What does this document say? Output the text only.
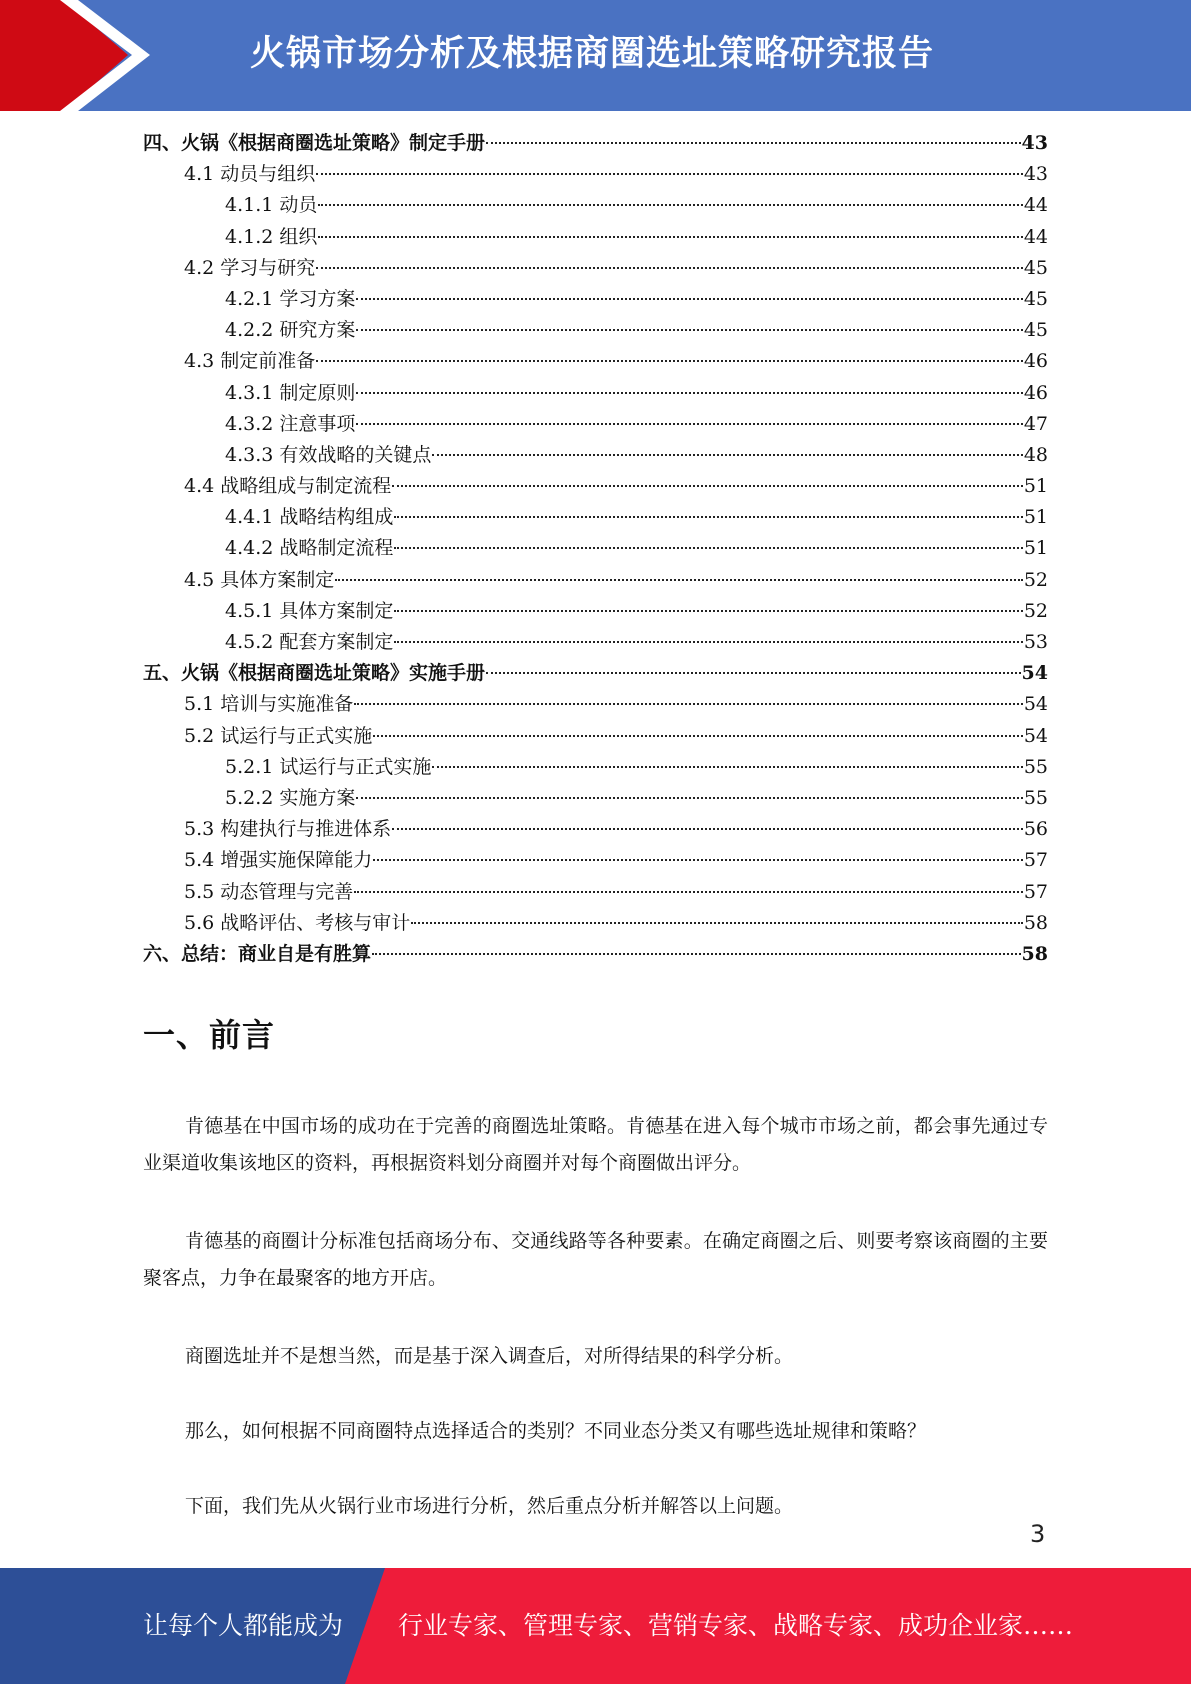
火锅市场分析及根据商圈选址策略研究报告
四、火锅《根据商圈选址策略》制定手册	43
4.1 动员与组织	43
4.1.1 动员	44
4.1.2 组织	44
4.2 学习与研究	45
4.2.1 学习方案	45
4.2.2 研究方案	45
4.3 制定前准备	46
4.3.1 制定原则	46
4.3.2 注意事项	47
4.3.3 有效战略的关键点	48
4.4 战略组成与制定流程	51
4.4.1 战略结构组成	51
4.4.2 战略制定流程	51
4.5 具体方案制定	52
4.5.1 具体方案制定	52
4.5.2 配套方案制定	53
五、火锅《根据商圈选址策略》实施手册	54
5.1 培训与实施准备	54
5.2 试运行与正式实施	54
5.2.1 试运行与正式实施	55
5.2.2 实施方案	55
5.3 构建执行与推进体系	56
5.4 增强实施保障能力	57
5.5 动态管理与完善	57
5.6 战略评估、考核与审计	58
六、总结：商业自是有胜算	58
一、前言
肯德基在中国市场的成功在于完善的商圈选址策略。肯德基在进入每个城市市场之前，都会事先通过专业渠道收集该地区的资料，再根据资料划分商圈并对每个商圈做出评分。
肯德基的商圈计分标准包括商场分布、交通线路等各种要素。在确定商圈之后、则要考察该商圈的主要聚客点，力争在最聚客的地方开店。
商圈选址并不是想当然，而是基于深入调查后，对所得结果的科学分析。
那么，如何根据不同商圈特点选择适合的类别？不同业态分类又有哪些选址规律和策略？
下面，我们先从火锅行业市场进行分析，然后重点分析并解答以上问题。
3
让每个人都能成为 行业专家、管理专家、营销专家、战略专家、成功企业家……
